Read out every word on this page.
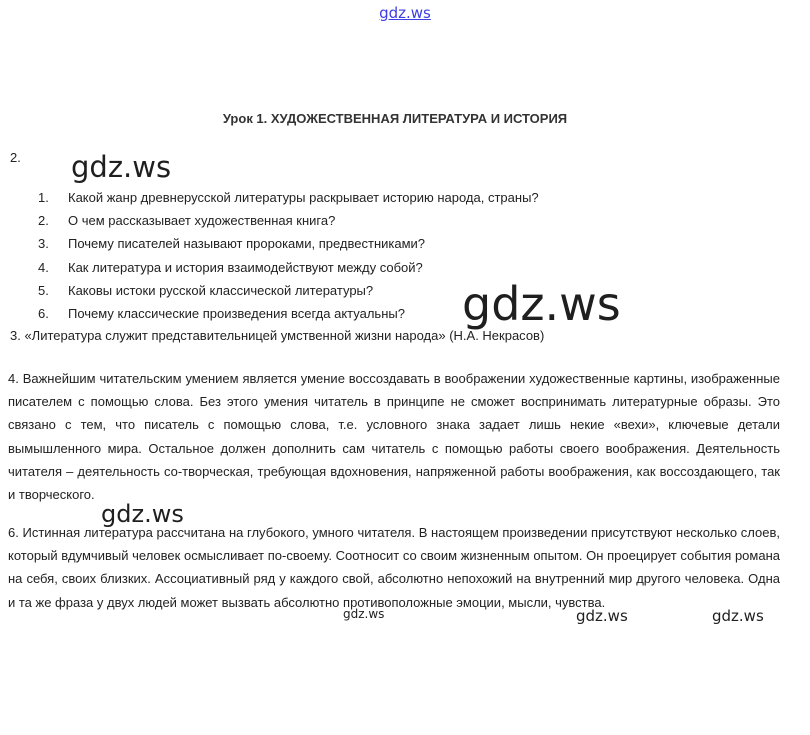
gdz.ws
Урок 1. ХУДОЖЕСТВЕННАЯ ЛИТЕРАТУРА И ИСТОРИЯ
2.
1. Какой жанр древнерусской литературы раскрывает историю народа, страны?
2. О чем рассказывает художественная книга?
3. Почему писателей называют пророками, предвестниками?
4. Как литература и история взаимодействуют между собой?
5. Каковы истоки русской классической литературы?
6. Почему классические произведения всегда актуальны?
3. «Литература служит представительницей умственной жизни народа» (Н.А. Некрасов)

4. Важнейшим читательским умением является умение воссоздавать в воображении художественные картины, изображенные писателем с помощью слова. Без этого умения читатель в принципе не сможет воспринимать литературные образы. Это связано с тем, что писатель с помощью слова, т.е. условного знака задает лишь некие «вехи», ключевые детали вымышленного мира. Остальное должен дополнить сам читатель с помощью работы своего воображения. Деятельность читателя – деятельность со-творческая, требующая вдохновения, напряженной работы воображения, как воссоздающего, так и творческого.

6. Истинная литература рассчитана на глубокого, умного читателя. В настоящем произведении присутствуют несколько слоев, который вдумчивый человек осмысливает по-своему. Соотносит со своим жизненным опытом. Он проецирует события романа на себя, своих близких. Ассоциативный ряд у каждого свой, абсолютно непохожий на внутренний мир другого человека. Одна и та же фраза у двух людей может вызвать абсолютно противоположные эмоции, мысли, чувства.

gdz.ws
gdz.ws
gdz.ws
gdz.ws	gdz.ws	gdz.ws
